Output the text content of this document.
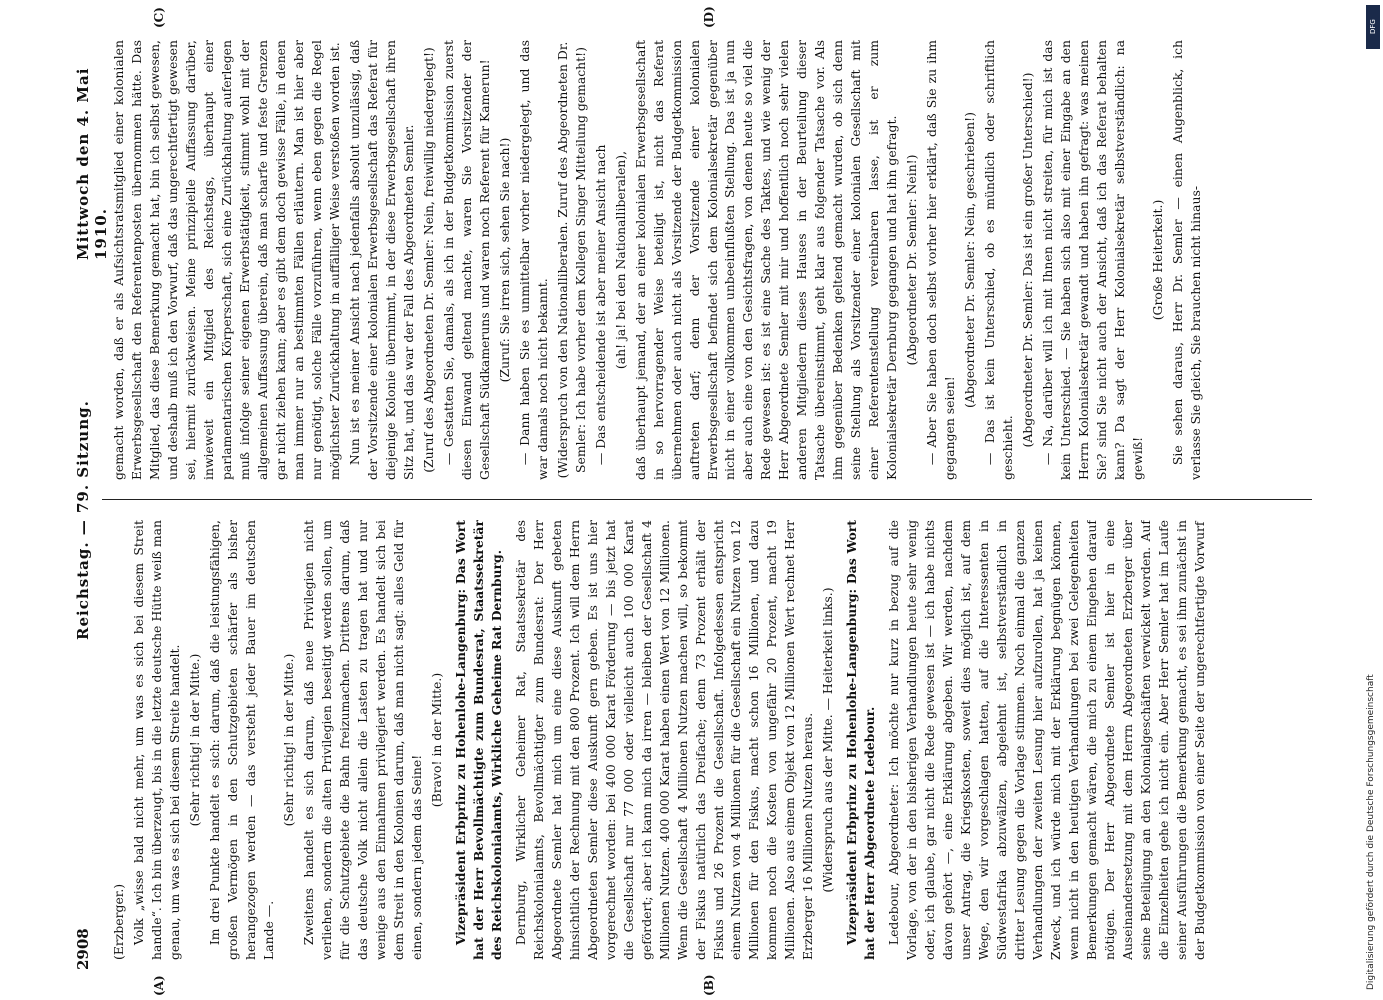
2908
Reichstag. — 79. Sitzung.
Mittwoch den 4. Mai 1910.
(A)	(B)
(C)	(D)

(Erzberger.) Volk „wisse bald nicht mehr, um was es sich bei diesem Streit handle“. Ich bin überzeugt, bis in die letzte deutsche Hütte weiß man genau, um was es sich bei diesem Streite handelt. (Sehr richtig! in der Mitte.) Im drei Punkte handelt es sich: darum, daß die leistungsfähigen, großen Vermögen in den Schutzgebieten schärfer als bisher herangezogen werden — das versteht jeder Bauer im deutschen Lande —.

(Sehr richtig! in der Mitte.) Zweitens handelt es sich darum, daß neue Privilegien nicht verliehen, sondern die alten Privilegien beseitigt werden sollen, um für die Schutzgebiete die Bahn freizumachen. Drittens darum, daß das deutsche Volk nicht allein die Lasten zu tragen hat und nur wenige aus den Einnahmen privilegiert werden. Es handelt sich bei dem Streit in den Kolonien darum, daß man nicht sagt: alles Geld für einen, sondern jedem das Seine!

(Bravo! in der Mitte.) Vizepräsident Erbprinz zu Hohenlohe-Langenburg: Das Wort hat der Herr Bevollmächtigte zum Bundesrat, Staatssekretär des Reichskolonialamts, Wirkliche Geheime Rat Dernburg. Dernburg, Wirklicher Geheimer Rat, Staatssekretär des Reichskolonialamts, Bevollmächtigter zum Bundesrat: Der Herr Abgeordnete Semler hat mich um eine diese Auskunft gebeten hinsichtlich der Rechnung mit den 800 Prozent. Ich will dem Herrn Abgeordneten Semler diese Auskunft gern geben. Es ist uns hier vorgerechnet worden: bei 400 000 Karat Förderung — bis jetzt hat die Gesellschaft nur 77 000 oder vielleicht auch 100 000 Karat gefördert; aber ich kann mich da irren — bleiben der Gesellschaft 4 Millionen Nutzen. 400 000 Karat haben einen Wert von 12 Millionen. Wenn die Gesellschaft 4 Millionen Nutzen machen will, so bekommt der Fiskus natürlich das Dreifache; denn 73 Prozent erhält der Fiskus und 26 Prozent die Gesellschaft. Infolgedessen entspricht einem Nutzen von 4 Millionen für die Gesellschaft ein Nutzen von 12 Millionen für den Fiskus, macht schon 16 Millionen, und dazu kommen noch die Kosten von ungefähr 20 Prozent, macht 19 Millionen. Also aus einem Objekt von 12 Millionen Wert rechnet Herr Erzberger 16 Millionen Nutzen heraus. (Widerspruch aus der Mitte. — Heiterkeit links.) Vizepräsident Erbprinz zu Hohenlohe-Langenburg: Das Wort hat der Herr Abgeordnete Ledebour. Ledebour, Abgeordneter: Ich möchte nur kurz in bezug auf die Vorlage, von der in den bisherigen Verhandlungen heute sehr wenig oder, ich glaube, gar nicht die Rede gewesen ist — ich habe nichts davon gehört —, eine Erklärung abgeben. Wir werden, nachdem unser Antrag, die Kriegskosten, soweit dies möglich ist, auf dem Wege, den wir vorgeschlagen hatten, auf die Interessenten in Südwestafrika abzuwälzen, abgelehnt ist, selbstverständlich in dritter Lesung gegen die Vorlage stimmen. Noch einmal die ganzen Verhandlungen der zweiten Lesung hier aufzurollen, hat ja keinen Zweck, und ich würde mich mit der Erklärung begnügen können, wenn nicht in den heutigen Verhandlungen bei zwei Gelegenheiten Bemerkungen gemacht wären, die mich zu einem Eingehen darauf nötigen. Der Herr Abgeordnete Semler ist hier in eine Auseinandersetzung mit dem Herrn Abgeordneten Erzberger über seine Beteiligung an den Kolonialgeschäften verwickelt worden. Auf die Einzelheiten gehe ich nicht ein. Aber Herr Semler hat im Laufe seiner Ausführungen die Bemerkung gemacht, es sei ihm zunächst in der Budgetkommission von einer Seite der ungerechtfertigte Vorwurf

gemacht worden, daß er als Aufsichtsratsmitglied einer kolonialen Erwerbsgesellschaft den Referentenposten übernommen hätte. Das Mitglied, das diese Bemerkung gemacht hat, bin ich selbst gewesen, und deshalb muß ich den Vorwurf, daß das ungerechtfertigt gewesen sei, hiermit zurückweisen. Meine prinzipielle Auffassung darüber, inwieweit ein Mitglied des Reichstags, überhaupt einer parlamentarischen Körperschaft, sich eine Zurückhaltung auferlegen muß infolge seiner eigenen Erwerbstätigkeit, stimmt wohl mit der allgemeinen Auffassung überein, daß man scharfe und feste Grenzen gar nicht ziehen kann; aber es gibt dem doch gewisse Fälle, in denen man immer nur an bestimmten Fällen erläutern. Man ist hier aber nur genötigt, solche Fälle vorzuführen, wenn eben gegen die Regel möglichster Zurückhaltung in auffälliger Weise verstoßen worden ist. Nun ist es meiner Ansicht nach jedenfalls absolut unzulässig, daß der Vorsitzende einer kolonialen Erwerbsgesellschaft das Referat für diejenige Kolonie übernimmt, in der diese Erwerbsgesellschaft ihren Sitz hat, und das war der Fall des Abgeordneten Semler. (Zuruf des Abgeordneten Dr. Semler: Nein, freiwillig niedergelegt!) — Gestatten Sie, damals, als ich in der Budgetkommission zuerst diesen Einwand geltend machte, waren Sie Vorsitzender der Gesellschaft Südkameruns und waren noch Referent für Kamerun! (Zuruf: Sie irren sich, sehen Sie nach!) — Dann haben Sie es unmittelbar vorher niedergelegt, und das war damals noch nicht bekannt. (Widerspruch von den Nationalliberalen. Zuruf des Abgeordneten Dr. Semler: Ich habe vorher dem Kollegen Singer Mitteilung gemacht!) — Das entscheidende ist aber meiner Ansicht nach (ah! ja! bei den Nationalliberalen), daß überhaupt jemand, der an einer kolonialen Erwerbsgesellschaft in so hervorragender Weise beteiligt ist, nicht das Referat übernehmen oder auch nicht als Vorsitzende der Budgetkommission auftreten darf; denn der Vorsitzende einer kolonialen Erwerbsgesellschaft befindet sich dem Kolonialsekretär gegenüber nicht in einer vollkommen unbeeinflußten Stellung. Das ist ja nun aber auch eine von den Gesichtsfragen, von denen heute so viel die Rede gewesen ist: es ist eine Sache des Taktes, und wie wenig der Herr Abgeordnete Semler mit mir und hoffentlich noch sehr vielen anderen Mitgliedern dieses Hauses in der Beurteilung dieser Tatsache übereinstimmt, geht klar aus folgender Tatsache vor. Als ihm gegenüber Bedenken geltend gemacht wurden, ob sich denn seine Stellung als Vorsitzender einer kolonialen Gesellschaft mit einer Referentenstellung vereinbaren lasse, ist er zum Kolonialsekretär Dernburg gegangen und hat ihn gefragt. (Abgeordneter Dr. Semler: Nein!) — Aber Sie haben doch selbst vorher hier erklärt, daß Sie zu ihm gegangen seien!

(Abgeordneter Dr. Semler: Nein, geschrieben!) — Das ist kein Unterschied, ob es mündlich oder schriftlich geschieht.

(Abgeordneter Dr. Semler: Das ist ein großer Unterschied!) — Na, darüber will ich mit Ihnen nicht streiten, für mich ist das kein Unterschied. — Sie haben sich also mit einer Eingabe an den Herrn Kolonialsekretär gewandt und haben ihn gefragt: was meinen Sie? sind Sie nicht auch der Ansicht, daß ich das Referat behalten kann? Da sagt der Herr Kolonialsekretär selbstverständlich: na gewiß!

(Große Heiterkeit.) Sie sehen daraus, Herr Dr. Semler — einen Augenblick, ich verlasse Sie gleich, Sie brauchen nicht hinaus-

DFG
Digitalisierung gefördert durch die Deutsche Forschungsgemeinschaft
